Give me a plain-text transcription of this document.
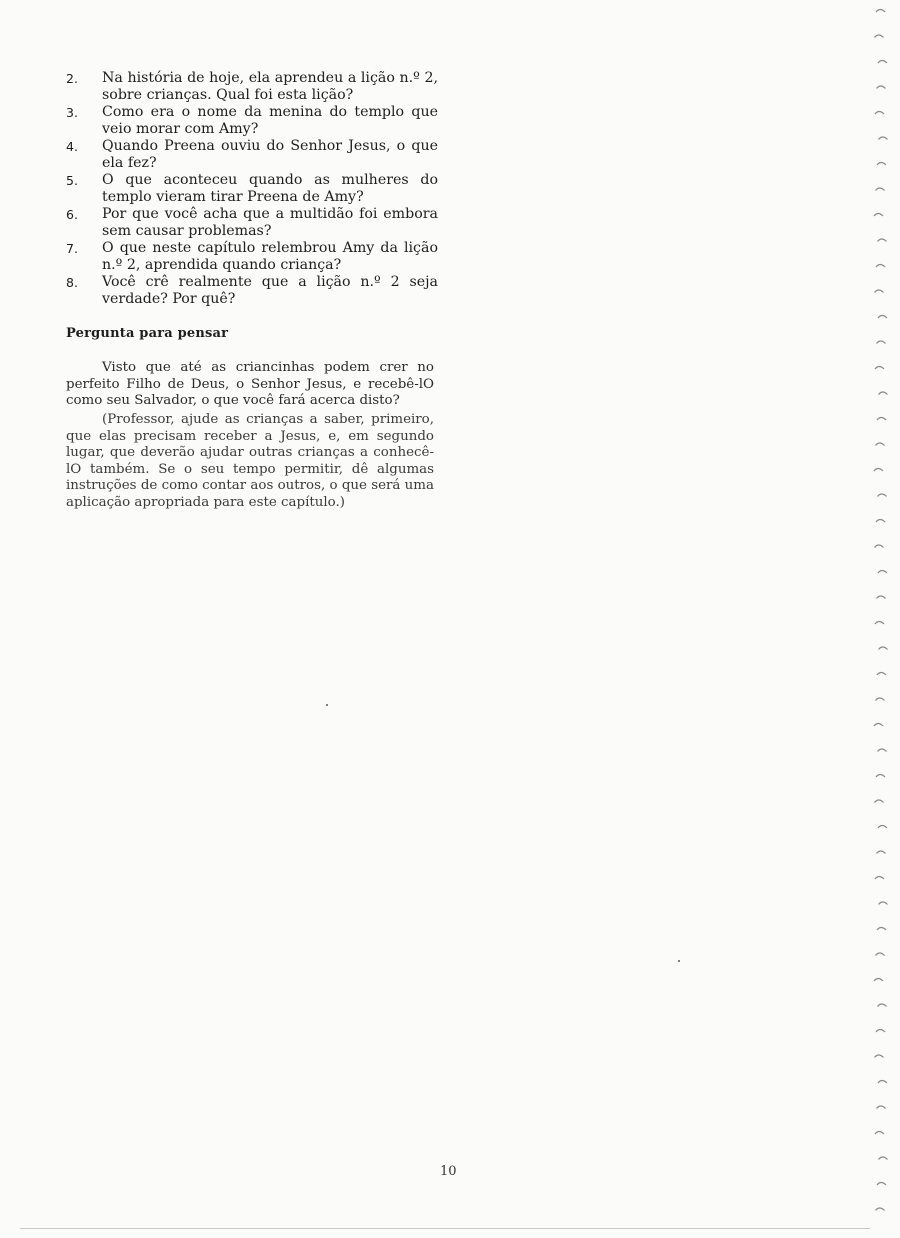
2.	Na história de hoje, ela aprendeu a lição n.º 2, sobre crianças. Qual foi esta lição?
3.	Como era o nome da menina do templo que veio morar com Amy?
4.	Quando Preena ouviu do Senhor Jesus, o que ela fez?
5.	O que aconteceu quando as mulheres do templo vieram tirar Preena de Amy?
6.	Por que você acha que a multidão foi embora sem causar problemas?
7.	O que neste capítulo relembrou Amy da lição n.º 2, aprendida quando criança?
8.	Você crê realmente que a lição n.º 2 seja verdade? Por quê?
Pergunta para pensar

Visto que até as criancinhas podem crer no perfeito Filho de Deus, o Senhor Jesus, e recebê-lO como seu Salvador, o que você fará acerca disto?

(Professor, ajude as crianças a saber, primeiro, que elas precisam receber a Jesus, e, em segundo lugar, que deverão ajudar outras crianças a conhecê-lO também. Se o seu tempo permitir, dê algumas instruções de como contar aos outros, o que será uma aplicação apropriada para este capítulo.)

10
